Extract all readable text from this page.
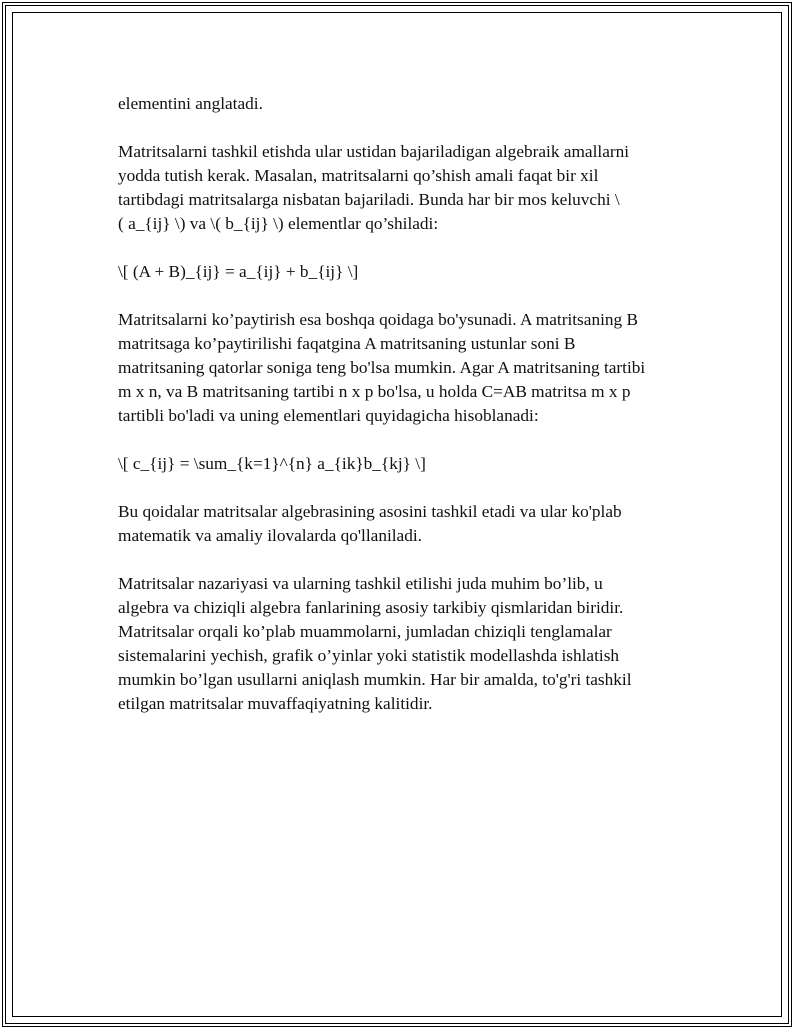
elementini anglatadi.

Matritsalarni tashkil etishda ular ustidan bajariladigan algebraik amallarni
yodda tutish kerak. Masalan, matritsalarni qo’shish amali faqat bir xil
tartibdagi matritsalarga nisbatan bajariladi. Bunda har bir mos keluvchi \
( a_{ij} \) va \( b_{ij} \) elementlar qo’shiladi:

\[ (A + B)_{ij} = a_{ij} + b_{ij} \]

Matritsalarni ko’paytirish esa boshqa qoidaga bo'ysunadi. A matritsaning B
matritsaga ko’paytirilishi faqatgina A matritsaning ustunlar soni B
matritsaning qatorlar soniga teng bo'lsa mumkin. Agar A matritsaning tartibi
m x n, va B matritsaning tartibi n x p bo'lsa, u holda C=AB matritsa m x p
tartibli bo'ladi va uning elementlari quyidagicha hisoblanadi:

\[ c_{ij} = \sum_{k=1}^{n} a_{ik}b_{kj} \]

Bu qoidalar matritsalar algebrasining asosini tashkil etadi va ular ko'plab
matematik va amaliy ilovalarda qo'llaniladi.

Matritsalar nazariyasi va ularning tashkil etilishi juda muhim bo’lib, u
algebra va chiziqli algebra fanlarining asosiy tarkibiy qismlaridan biridir.
Matritsalar orqali ko’plab muammolarni, jumladan chiziqli tenglamalar
sistemalarini yechish, grafik o’yinlar yoki statistik modellashda ishlatish
mumkin bo’lgan usullarni aniqlash mumkin. Har bir amalda, to'g'ri tashkil
etilgan matritsalar muvaffaqiyatning kalitidir.
